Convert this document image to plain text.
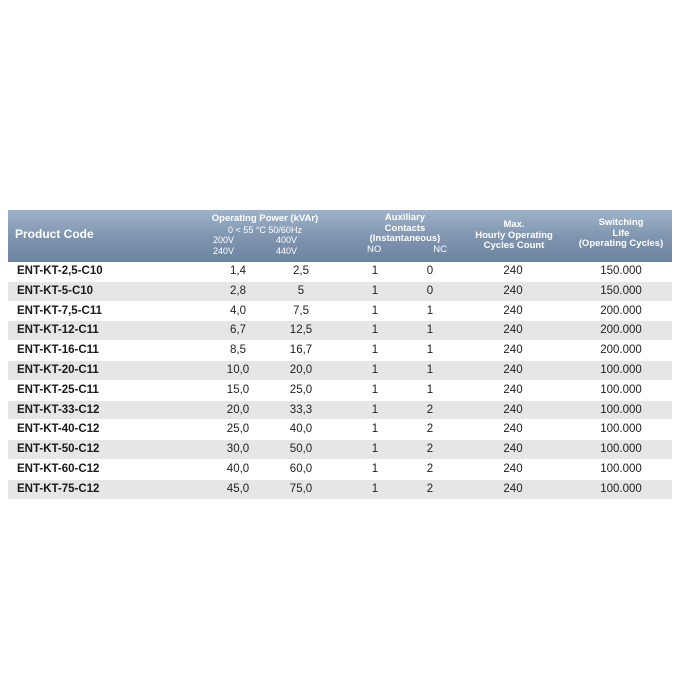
Product Code
Operating Power (kVAr)
0 < 55 °C 50/60Hz
200V	400V
240V	440V
Auxiliary
Contacts
(Instantaneous)
NO	NC
Max.
Hourly Operating
Cycles Count
Switching
Life
(Operating Cycles)
ENT-KT-2,5-C10	1,4	2,5	1	0	240	150.000
ENT-KT-5-C10	2,8	5	1	0	240	150.000
ENT-KT-7,5-C11	4,0	7,5	1	1	240	200.000
ENT-KT-12-C11	6,7	12,5	1	1	240	200.000
ENT-KT-16-C11	8,5	16,7	1	1	240	200.000
ENT-KT-20-C11	10,0	20,0	1	1	240	100.000
ENT-KT-25-C11	15,0	25,0	1	1	240	100.000
ENT-KT-33-C12	20,0	33,3	1	2	240	100.000
ENT-KT-40-C12	25,0	40,0	1	2	240	100.000
ENT-KT-50-C12	30,0	50,0	1	2	240	100.000
ENT-KT-60-C12	40,0	60,0	1	2	240	100.000
ENT-KT-75-C12	45,0	75,0	1	2	240	100.000
